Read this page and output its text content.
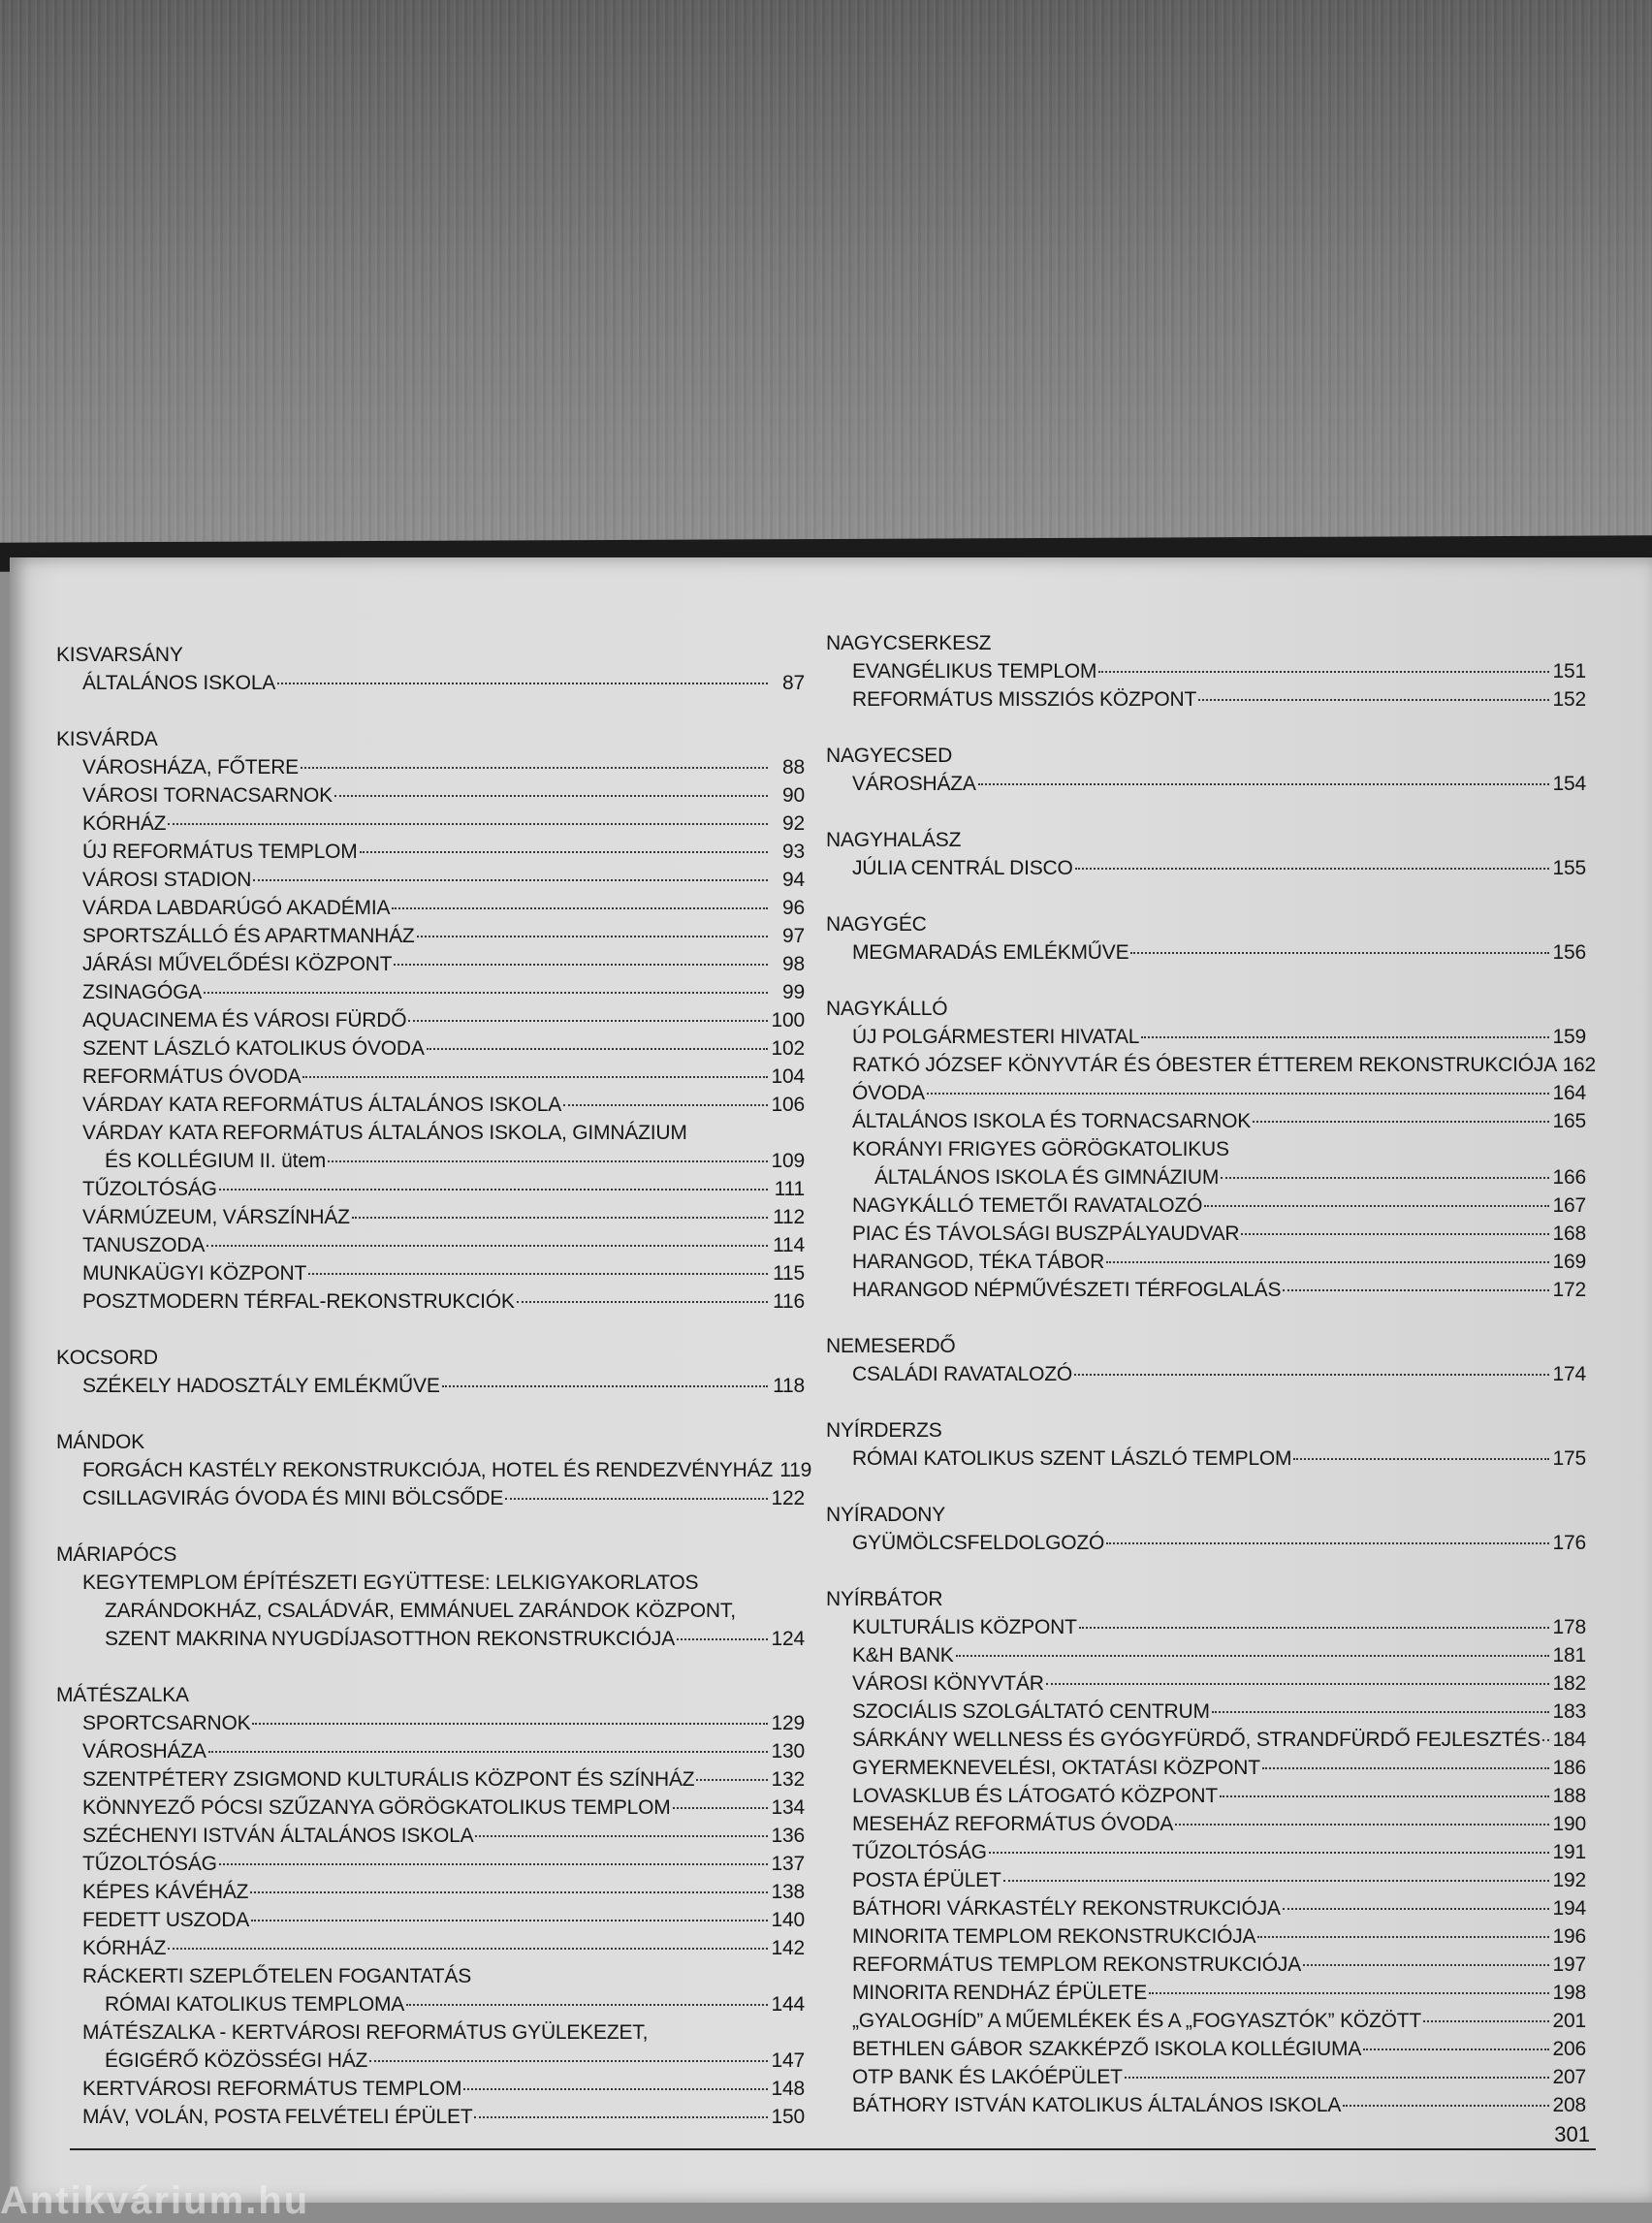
KISVARSÁNY
ÁLTALÁNOS ISKOLA	87
KISVÁRDA
VÁROSHÁZA, FŐTERE	88
VÁROSI TORNACSARNOK	90
KÓRHÁZ	92
ÚJ REFORMÁTUS TEMPLOM	93
VÁROSI STADION	94
VÁRDA LABDARÚGÓ AKADÉMIA	96
SPORTSZÁLLÓ ÉS APARTMANHÁZ	97
JÁRÁSI MŰVELŐDÉSI KÖZPONT	98
ZSINAGÓGA	99
AQUACINEMA ÉS VÁROSI FÜRDŐ	100
SZENT LÁSZLÓ KATOLIKUS ÓVODA	102
REFORMÁTUS ÓVODA	104
VÁRDAY KATA REFORMÁTUS ÁLTALÁNOS ISKOLA	106
VÁRDAY KATA REFORMÁTUS ÁLTALÁNOS ISKOLA, GIMNÁZIUM
ÉS KOLLÉGIUM II. ütem	109
TŰZOLTÓSÁG	111
VÁRMÚZEUM, VÁRSZÍNHÁZ	112
TANUSZODA	114
MUNKAÜGYI KÖZPONT	115
POSZTMODERN TÉRFAL-REKONSTRUKCIÓK	116
KOCSORD
SZÉKELY HADOSZTÁLY EMLÉKMŰVE	118
MÁNDOK
FORGÁCH KASTÉLY REKONSTRUKCIÓJA, HOTEL ÉS RENDEZVÉNYHÁZ 119
CSILLAGVIRÁG ÓVODA ÉS MINI BÖLCSŐDE	122
MÁRIAPÓCS
KEGYTEMPLOM ÉPÍTÉSZETI EGYÜTTESE: LELKIGYAKORLATOS
ZARÁNDOKHÁZ, CSALÁDVÁR, EMMÁNUEL ZARÁNDOK KÖZPONT,
SZENT MAKRINA NYUGDÍJASOTTHON REKONSTRUKCIÓJA	124
MÁTÉSZALKA
SPORTCSARNOK	129
VÁROSHÁZA	130
SZENTPÉTERY ZSIGMOND KULTURÁLIS KÖZPONT ÉS SZÍNHÁZ	132
KÖNNYEZŐ PÓCSI SZŰZANYA GÖRÖGKATOLIKUS TEMPLOM	134
SZÉCHENYI ISTVÁN ÁLTALÁNOS ISKOLA	136
TŰZOLTÓSÁG	137
KÉPES KÁVÉHÁZ	138
FEDETT USZODA	140
KÓRHÁZ	142
RÁCKERTI SZEPLŐTELEN FOGANTATÁS
RÓMAI KATOLIKUS TEMPLOMA	144
MÁTÉSZALKA - KERTVÁROSI REFORMÁTUS GYÜLEKEZET,
ÉGIGÉRŐ KÖZÖSSÉGI HÁZ	147
KERTVÁROSI REFORMÁTUS TEMPLOM	148
MÁV, VOLÁN, POSTA FELVÉTELI ÉPÜLET	150
NAGYCSERKESZ
EVANGÉLIKUS TEMPLOM	151
REFORMÁTUS MISSZIÓS KÖZPONT	152
NAGYECSED
VÁROSHÁZA	154
NAGYHALÁSZ
JÚLIA CENTRÁL DISCO	155
NAGYGÉC
MEGMARADÁS EMLÉKMŰVE	156
NAGYKÁLLÓ
ÚJ POLGÁRMESTERI HIVATAL	159
RATKÓ JÓZSEF KÖNYVTÁR ÉS ÓBESTER ÉTTEREM REKONSTRUKCIÓJA 162
ÓVODA	164
ÁLTALÁNOS ISKOLA ÉS TORNACSARNOK	165
KORÁNYI FRIGYES GÖRÖGKATOLIKUS
ÁLTALÁNOS ISKOLA ÉS GIMNÁZIUM	166
NAGYKÁLLÓ TEMETŐI RAVATALOZÓ	167
PIAC ÉS TÁVOLSÁGI BUSZPÁLYAUDVAR	168
HARANGOD, TÉKA TÁBOR	169
HARANGOD NÉPMŰVÉSZETI TÉRFOGLALÁS	172
NEMESERDŐ
CSALÁDI RAVATALOZÓ	174
NYÍRDERZS
RÓMAI KATOLIKUS SZENT LÁSZLÓ TEMPLOM	175
NYÍRADONY
GYÜMÖLCSFELDOLGOZÓ	176
NYÍRBÁTOR
KULTURÁLIS KÖZPONT	178
K&H BANK	181
VÁROSI KÖNYVTÁR	182
SZOCIÁLIS SZOLGÁLTATÓ CENTRUM	183
SÁRKÁNY WELLNESS ÉS GYÓGYFÜRDŐ, STRANDFÜRDŐ FEJLESZTÉS 184
GYERMEKNEVELÉSI, OKTATÁSI KÖZPONT	186
LOVASKLUB ÉS LÁTOGATÓ KÖZPONT	188
MESEHÁZ REFORMÁTUS ÓVODA	190
TŰZOLTÓSÁG	191
POSTA ÉPÜLET	192
BÁTHORI VÁRKASTÉLY REKONSTRUKCIÓJA	194
MINORITA TEMPLOM REKONSTRUKCIÓJA	196
REFORMÁTUS TEMPLOM REKONSTRUKCIÓJA	197
MINORITA RENDHÁZ ÉPÜLETE	198
„GYALOGHÍD” A MŰEMLÉKEK ÉS A „FOGYASZTÓK” KÖZÖTT	201
BETHLEN GÁBOR SZAKKÉPZŐ ISKOLA KOLLÉGIUMA	206
OTP BANK ÉS LAKÓÉPÜLET	207
BÁTHORY ISTVÁN KATOLIKUS ÁLTALÁNOS ISKOLA	208
301
Antikvárium.hu
